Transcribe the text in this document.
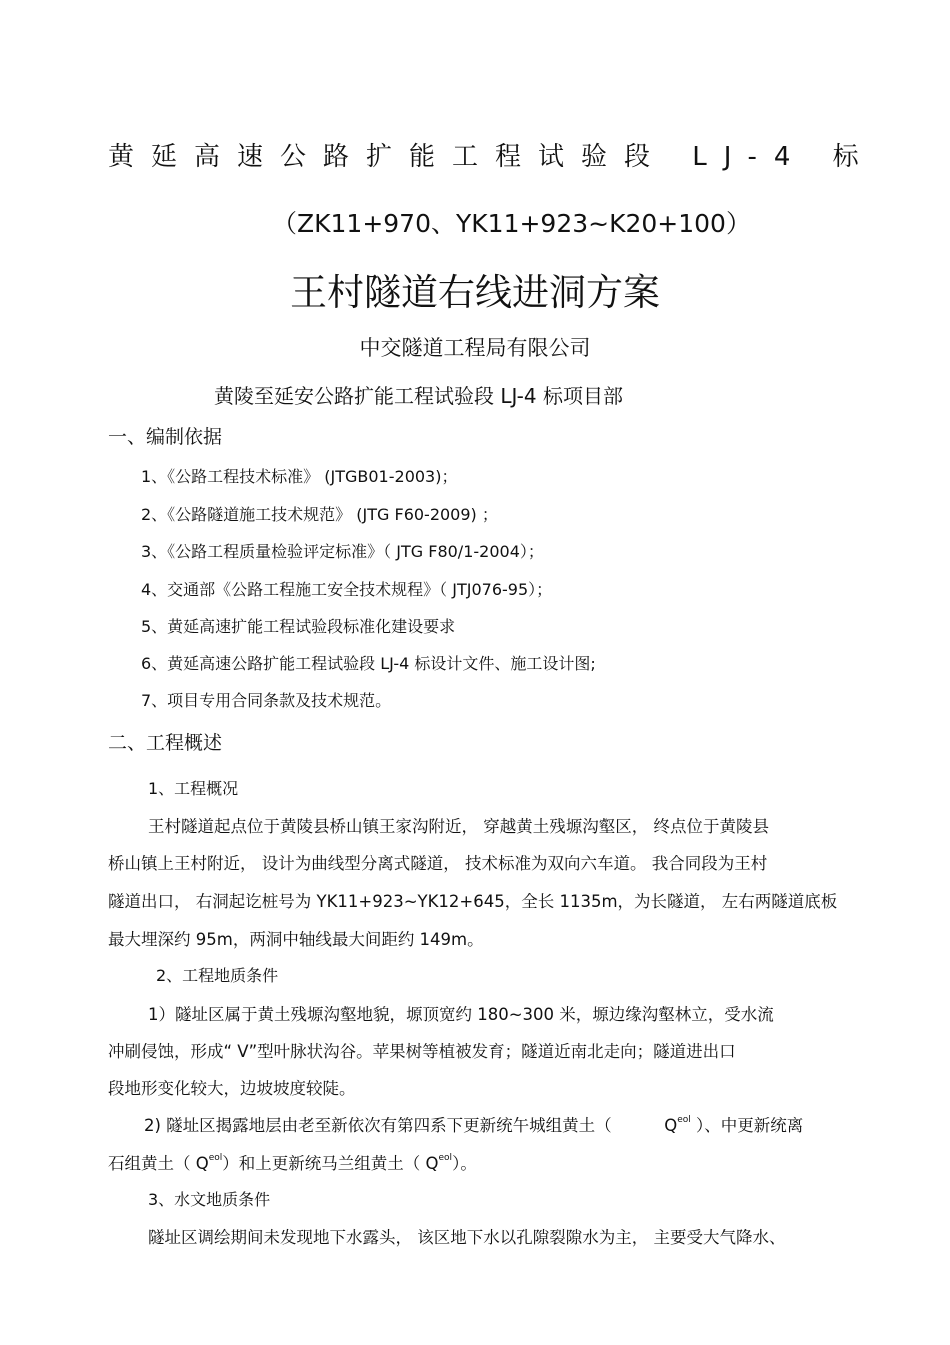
黄延高速公路扩能工程试验段 LJ-4 标
（ZK11+970、YK11+923~K20+100）
王村隧道右线进洞方案
中交隧道工程局有限公司
黄陵至延安公路扩能工程试验段 LJ-4 标项目部
一、编制依据
1、《公路工程技术标准》 (JTGB01-2003)；
2、《公路隧道施工技术规范》 (JTG F60-2009) ；
3、《公路工程质量检验评定标准》（ JTG F80/1-2004）；
4、交通部《公路工程施工安全技术规程》（ JTJ076-95）；
5、黄延高速扩能工程试验段标准化建设要求
6、黄延高速公路扩能工程试验段 LJ-4 标设计文件、施工设计图;
7、项目专用合同条款及技术规范。
二、工程概述
1、工程概况
王村隧道起点位于黄陵县桥山镇王家沟附近， 穿越黄土残塬沟壑区， 终点位于黄陵县
桥山镇上王村附近， 设计为曲线型分离式隧道， 技术标准为双向六车道。 我合同段为王村
隧道出口， 右洞起讫桩号为 YK11+923~YK12+645，全长 1135m，为长隧道， 左右两隧道底板
最大埋深约 95m，两洞中轴线最大间距约 149m。
2、工程地质条件
1）隧址区属于黄土残塬沟壑地貌，塬顶宽约 180~300 米，塬边缘沟壑林立，受水流
冲刷侵蚀，形成“ V”型叶脉状沟谷。苹果树等植被发育；隧道近南北走向；隧道进出口
段地形变化较大，边坡坡度较陡。
2) 隧址区揭露地层由老至新依次有第四系下更新统午城组黄土（	$Q^{eol}$ ）、中更新统离
石组黄土（ $Q^{eol}$）和上更新统马兰组黄土（ $Q^{eol}$）。
3、水文地质条件
隧址区调绘期间未发现地下水露头， 该区地下水以孔隙裂隙水为主， 主要受大气降水、
